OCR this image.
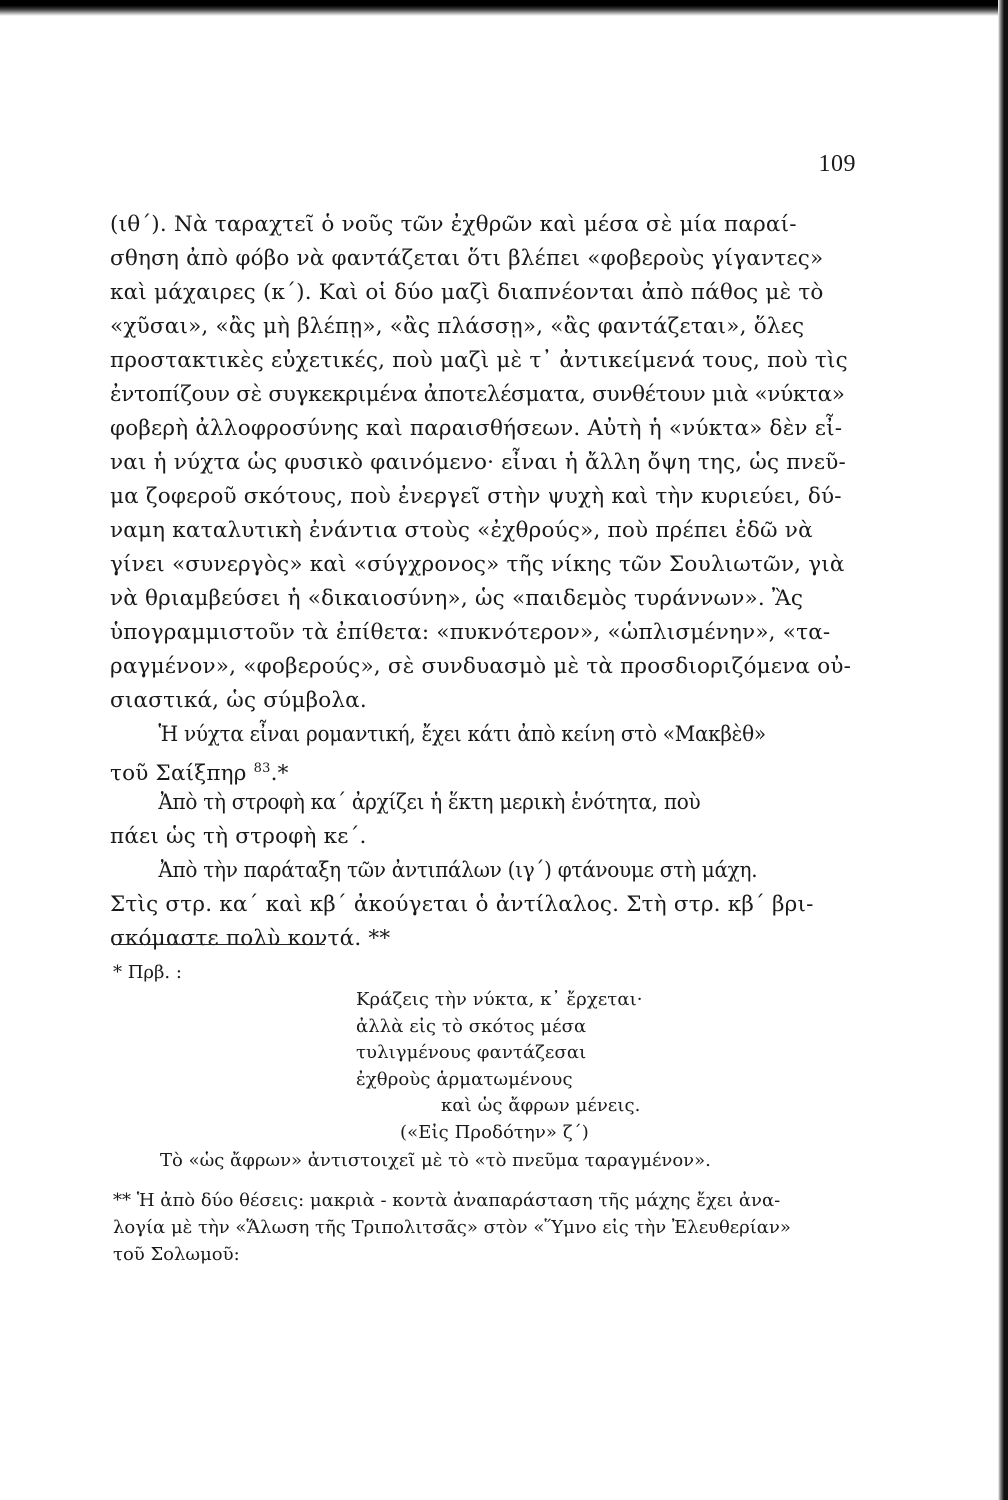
109
(ιθ΄). Νὰ ταραχτεῖ ὁ νοῦς τῶν ἐχθρῶν καὶ μέσα σὲ μία παραί-
σθηση ἀπὸ φόβο νὰ φαντάζεται ὅτι βλέπει «φοβεροὺς γίγαντες»
καὶ μάχαιρες (κ΄). Καὶ οἱ δύο μαζὶ διαπνέονται ἀπὸ πάθος μὲ τὸ
«χῦσαι», «ἂς μὴ βλέπῃ», «ἂς πλάσσῃ», «ἂς φαντάζεται», ὅλες
προστακτικὲς εὐχετικές, ποὺ μαζὶ μὲ τ᾿ ἀντικείμενά τους, ποὺ τὶς
ἐντοπίζουν σὲ συγκεκριμένα ἀποτελέσματα, συνθέτουν μιὰ «νύκτα»
φοβερὴ ἀλλοφροσύνης καὶ παραισθήσεων. Αὐτὴ ἡ «νύκτα» δὲν εἶ-
ναι ἡ νύχτα ὡς φυσικὸ φαινόμενο· εἶναι ἡ ἄλλη ὄψη της, ὡς πνεῦ-
μα ζοφεροῦ σκότους, ποὺ ἐνεργεῖ στὴν ψυχὴ καὶ τὴν κυριεύει, δύ-
ναμη καταλυτικὴ ἐνάντια στοὺς «ἐχθρούς», ποὺ πρέπει ἐδῶ νὰ
γίνει «συνεργὸς» καὶ «σύγχρονος» τῆς νίκης τῶν Σουλιωτῶν, γιὰ
νὰ θριαμβεύσει ἡ «δικαιοσύνη», ὡς «παιδεμὸς τυράννων». Ἂς
ὑπογραμμιστοῦν τὰ ἐπίθετα: «πυκνότερον», «ὡπλισμένην», «τα-
ραγμένον», «φοβερούς», σὲ συνδυασμὸ μὲ τὰ προσδιοριζόμενα οὐ-
σιαστικά, ὡς σύμβολα.
Ἡ νύχτα εἶναι ρομαντική, ἔχει κάτι ἀπὸ κείνη στὸ «Μακβὲθ»
τοῦ Σαίξπηρ $^{83}$.*
Ἀπὸ τὴ στροφὴ κα΄ ἀρχίζει ἡ ἕκτη μερικὴ ἑνότητα, ποὺ
πάει ὡς τὴ στροφὴ κε΄.
Ἀπὸ τὴν παράταξη τῶν ἀντιπάλων (ιγ΄) φτάνουμε στὴ μάχη.
Στὶς στρ. κα΄ καὶ κβ΄ ἀκούγεται ὁ ἀντίλαλος. Στὴ στρ. κβ΄ βρι-
σκόμαστε πολὺ κοντά. **
* Πρβ. :
Κράζεις τὴν νύκτα, κ᾿ ἔρχεται·
ἀλλὰ εἰς τὸ σκότος μέσα
τυλιγμένους φαντάζεσαι
ἐχθροὺς ἁρματωμένους
καὶ ὡς ἄφρων μένεις.
(«Εἰς Προδότην» ζ΄)
Τὸ «ὡς ἄφρων» ἀντιστοιχεῖ μὲ τὸ «τὸ πνεῦμα ταραγμένον».
** Ἡ ἀπὸ δύο θέσεις: μακριὰ - κοντὰ ἀναπαράσταση τῆς μάχης ἔχει ἀνα-
λογία μὲ τὴν «Ἅλωση τῆς Τριπολιτσᾶς» στὸν «Ὕμνο εἰς τὴν Ἐλευθερίαν»
τοῦ Σολωμοῦ:
